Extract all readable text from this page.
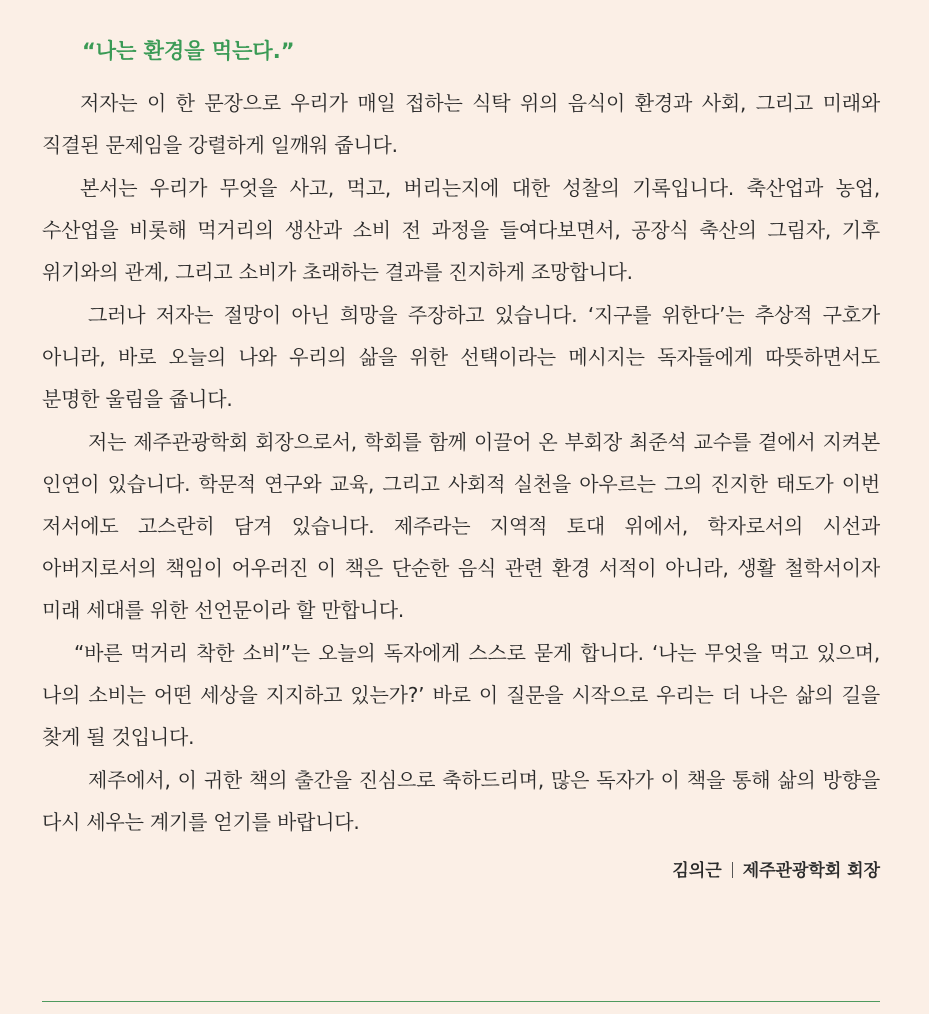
“나는 환경을 먹는다.”

저자는 이 한 문장으로 우리가 매일 접하는 식탁 위의 음식이 환경과 사회, 그리고 미래와 직결된 문제임을 강렬하게 일깨워 줍니다.

본서는 우리가 무엇을 사고, 먹고, 버리는지에 대한 성찰의 기록입니다. 축산업과 농업, 수산업을 비롯해 먹거리의 생산과 소비 전 과정을 들여다보면서, 공장식 축산의 그림자, 기후 위기와의 관계, 그리고 소비가 초래하는 결과를 진지하게 조망합니다.

그러나 저자는 절망이 아닌 희망을 주장하고 있습니다. ‘지구를 위한다’는 추상적 구호가 아니라, 바로 오늘의 나와 우리의 삶을 위한 선택이라는 메시지는 독자들에게 따뜻하면서도 분명한 울림을 줍니다.

저는 제주관광학회 회장으로서, 학회를 함께 이끌어 온 부회장 최준석 교수를 곁에서 지켜본 인연이 있습니다. 학문적 연구와 교육, 그리고 사회적 실천을 아우르는 그의 진지한 태도가 이번 저서에도 고스란히 담겨 있습니다. 제주라는 지역적 토대 위에서, 학자로서의 시선과 아버지로서의 책임이 어우러진 이 책은 단순한 음식 관련 환경 서적이 아니라, 생활 철학서이자 미래 세대를 위한 선언문이라 할 만합니다.

“바른 먹거리 착한 소비”는 오늘의 독자에게 스스로 묻게 합니다. ‘나는 무엇을 먹고 있으며, 나의 소비는 어떤 세상을 지지하고 있는가?’ 바로 이 질문을 시작으로 우리는 더 나은 삶의 길을 찾게 될 것입니다.

제주에서, 이 귀한 책의 출간을 진심으로 축하드리며, 많은 독자가 이 책을 통해 삶의 방향을 다시 세우는 계기를 얻기를 바랍니다.

김의근 제주관광학회 회장
